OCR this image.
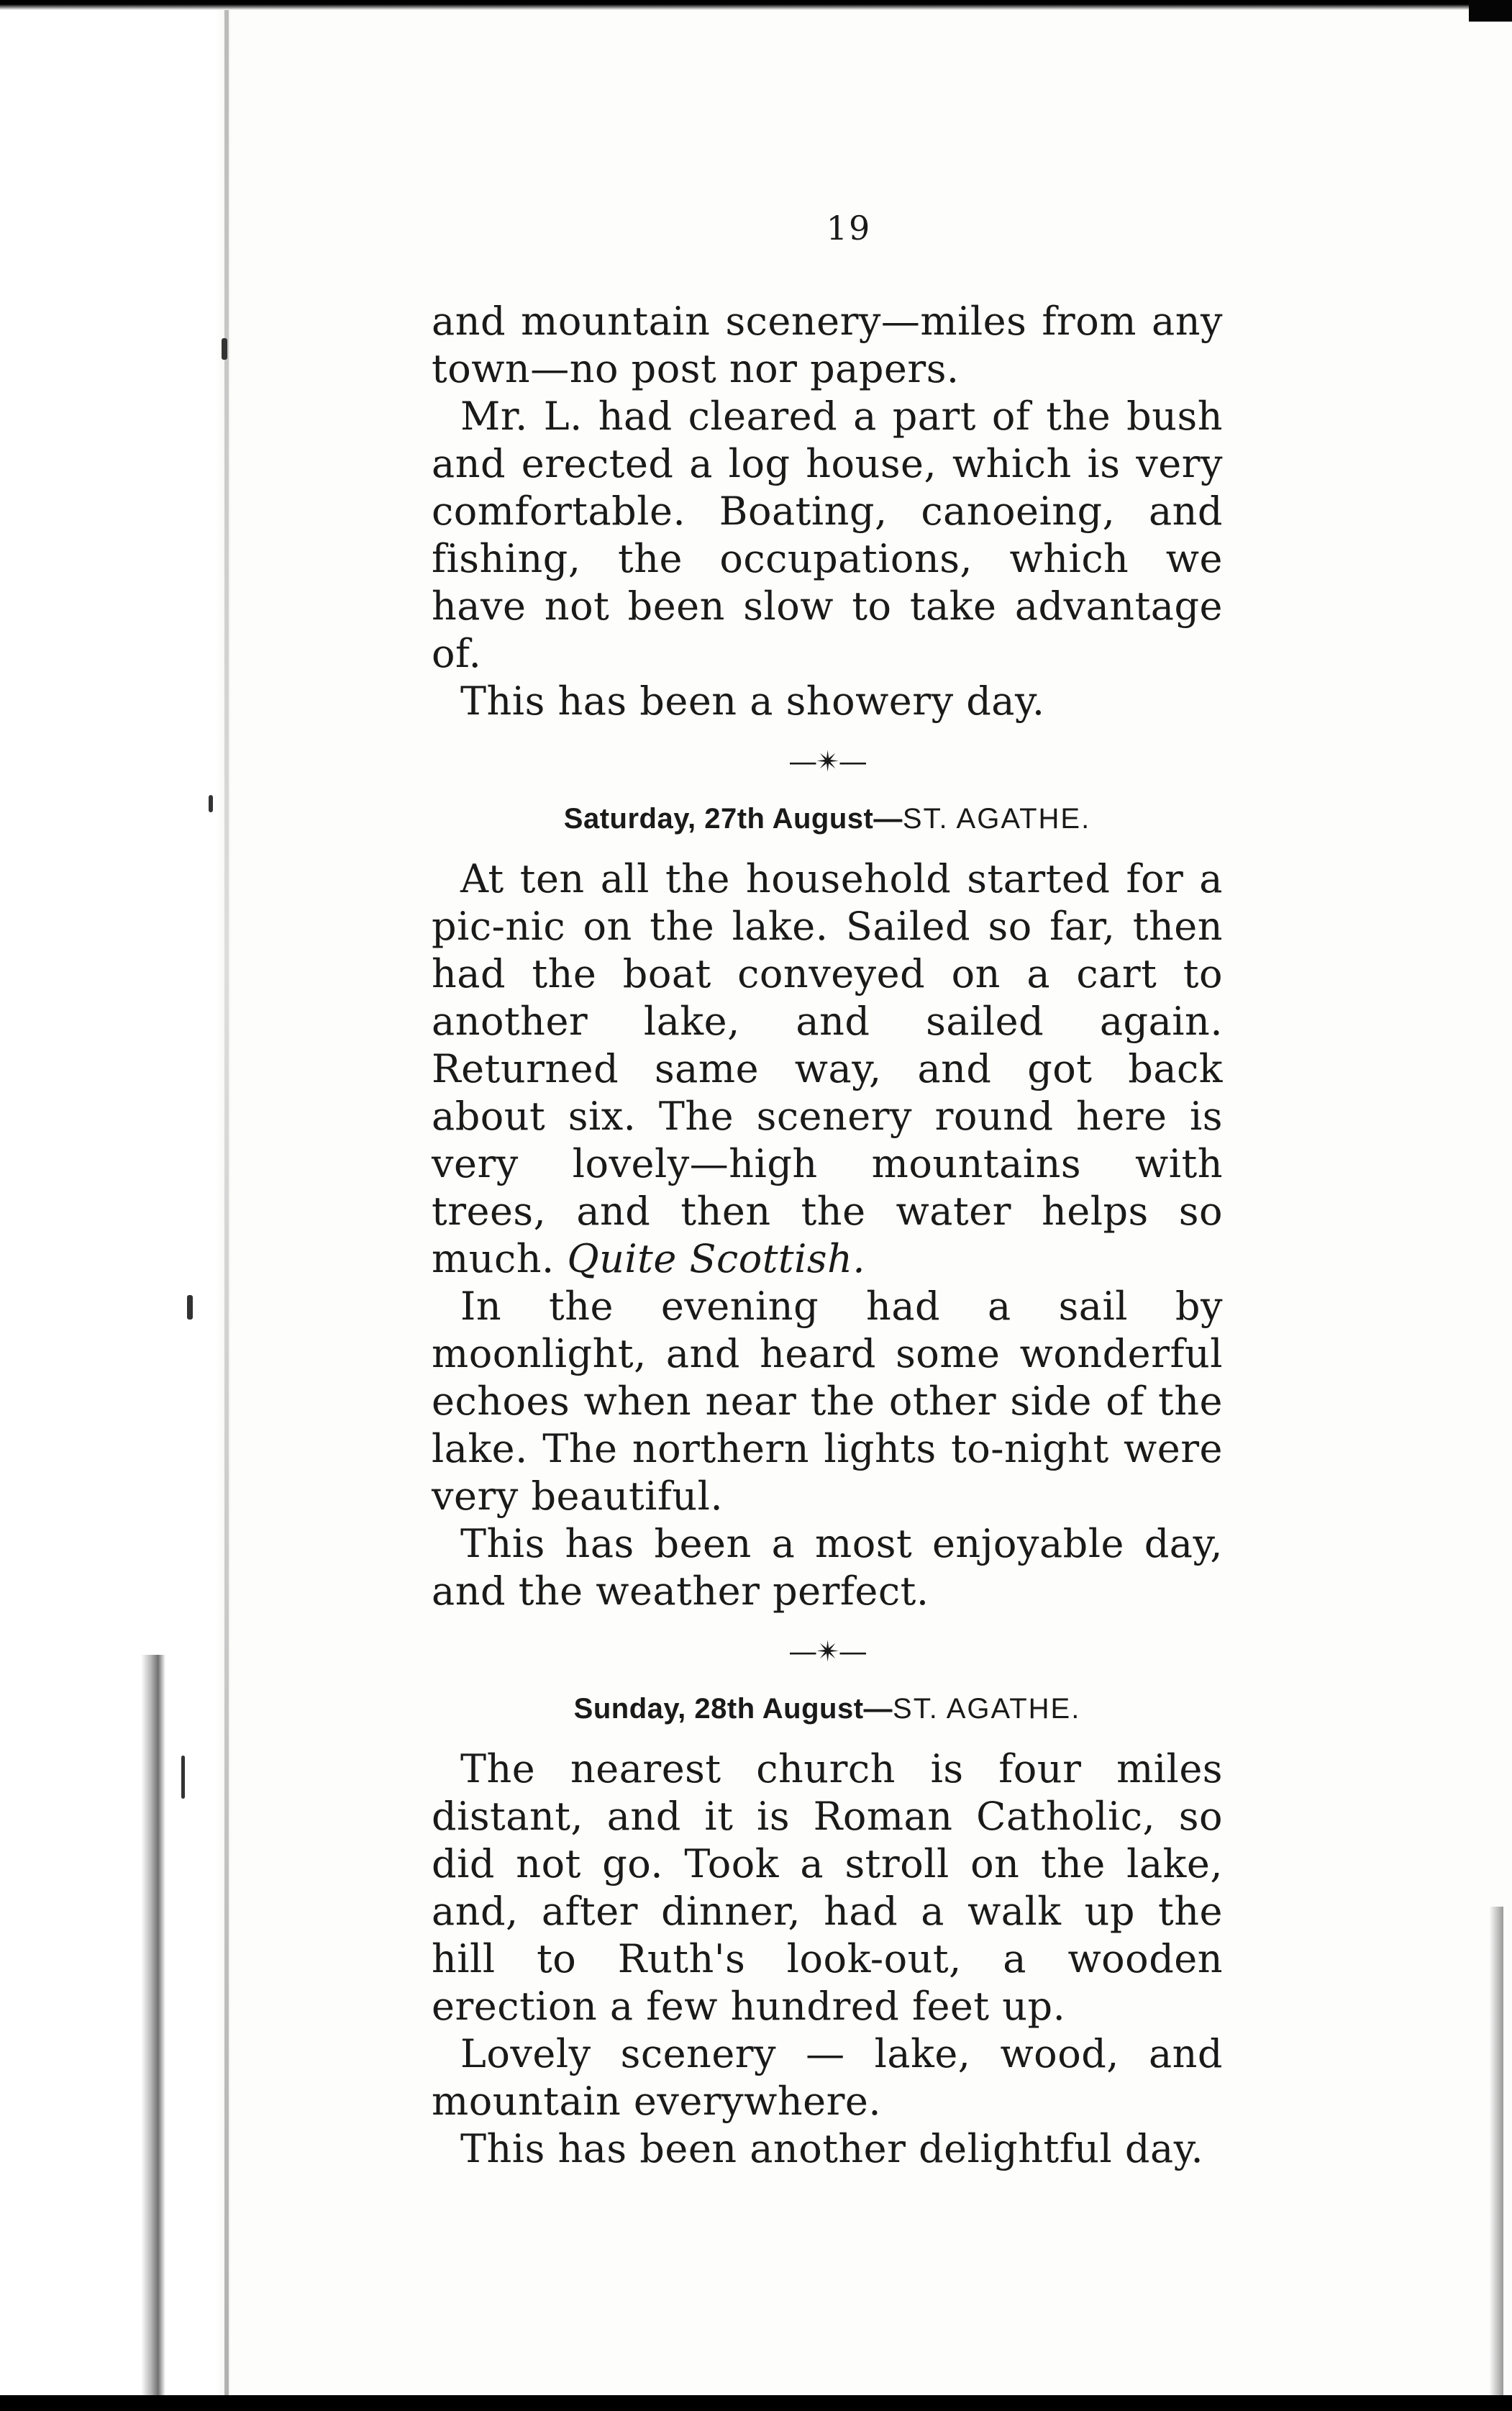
19

and mountain scenery—miles from any town—no post nor papers.

Mr. L. had cleared a part of the bush and erected a log house, which is very comfortable. Boating, canoeing, and fishing, the occupations, which we have not been slow to take advantage of.

This has been a showery day.

—✴—
Saturday, 27th August—ST. AGATHE.

At ten all the household started for a pic-nic on the lake. Sailed so far, then had the boat conveyed on a cart to another lake, and sailed again. Returned same way, and got back about six. The scenery round here is very lovely—high mountains with trees, and then the water helps so much. Quite Scottish.

In the evening had a sail by moonlight, and heard some wonderful echoes when near the other side of the lake. The northern lights to-night were very beautiful.

This has been a most enjoyable day, and the weather perfect.

—✴—
Sunday, 28th August—ST. AGATHE.

The nearest church is four miles distant, and it is Roman Catholic, so did not go. Took a stroll on the lake, and, after dinner, had a walk up the hill to Ruth's look-out, a wooden erection a few hundred feet up.

Lovely scenery — lake, wood, and mountain everywhere.

This has been another delightful day.
